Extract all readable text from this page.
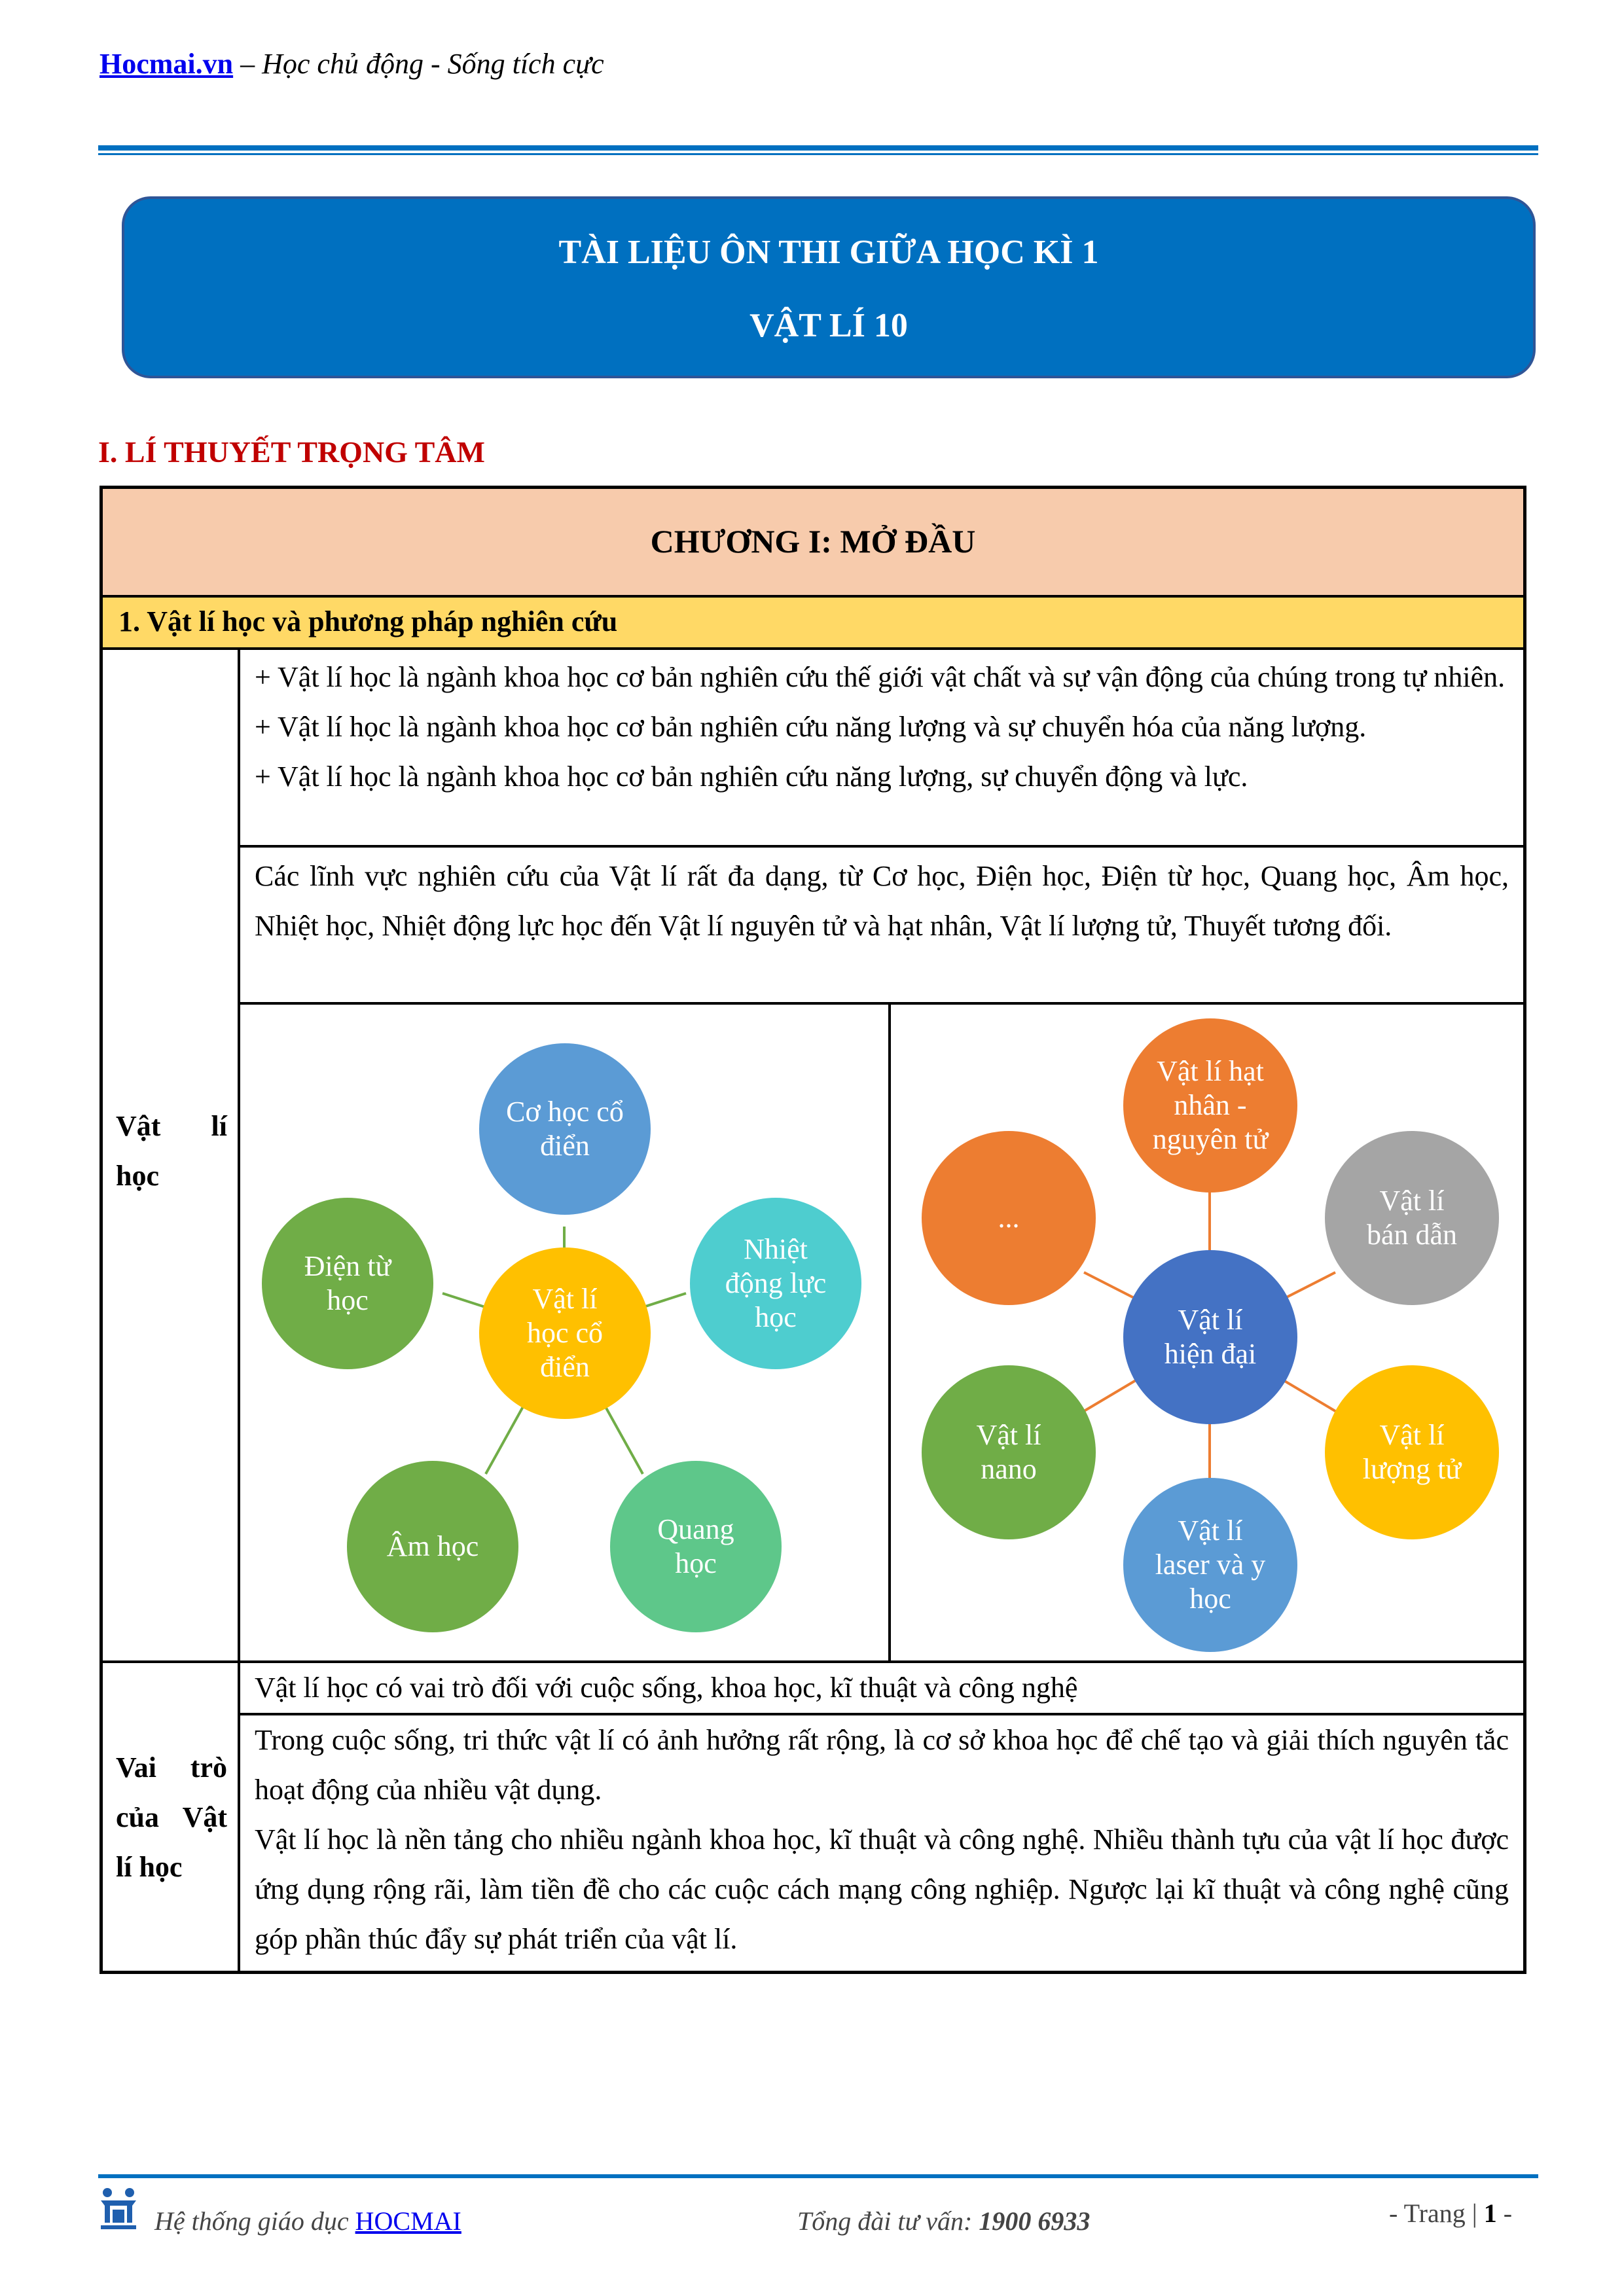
Hocmai.vn – Học chủ động - Sống tích cực
TÀI LIỆU ÔN THI GIỮA HỌC KÌ 1
VẬT LÍ 10
I. LÍ THUYẾT TRỌNG TÂM
CHƯƠNG I: MỞ ĐẦU
1. Vật lí học và phương pháp nghiên cứu
Vật lí học
+ Vật lí học là ngành khoa học cơ bản nghiên cứu thế giới vật chất và sự vận động của chúng trong tự nhiên.
+ Vật lí học là ngành khoa học cơ bản nghiên cứu năng lượng và sự chuyển hóa của năng lượng.
+ Vật lí học là ngành khoa học cơ bản nghiên cứu năng lượng, sự chuyển động và lực.
Các lĩnh vực nghiên cứu của Vật lí rất đa dạng, từ Cơ học, Điện học, Điện từ học, Quang học, Âm học, Nhiệt học, Nhiệt động lực học đến Vật lí nguyên tử và hạt nhân, Vật lí lượng tử, Thuyết tương đối.
Vai trò của Vật lí học
Vật lí học có vai trò đối với cuộc sống, khoa học, kĩ thuật và công nghệ
Trong cuộc sống, tri thức vật lí có ảnh hưởng rất rộng, là cơ sở khoa học để chế tạo và giải thích nguyên tắc hoạt động của nhiều vật dụng.
Vật lí học là nền tảng cho nhiều ngành khoa học, kĩ thuật và công nghệ. Nhiều thành tựu của vật lí học được ứng dụng rộng rãi, làm tiền đề cho các cuộc cách mạng công nghiệp. Ngược lại kĩ thuật và công nghệ cũng góp phần thúc đẩy sự phát triển của vật lí.
Cơ học cổ điển
Nhiệt động lực học
Quang học
Âm học
Điện từ học	Vật lí học cổ điển
Vật lí hạt nhân - nguyên tử
Vật lí bán dẫn
Vật lí lượng tử
Vật lí laser và y học
Vật lí nano
...
Vật lí hiện đại
Hệ thống giáo dục HOCMAI	Tổng đài tư vấn: 1900 6933	- Trang | 1 -
